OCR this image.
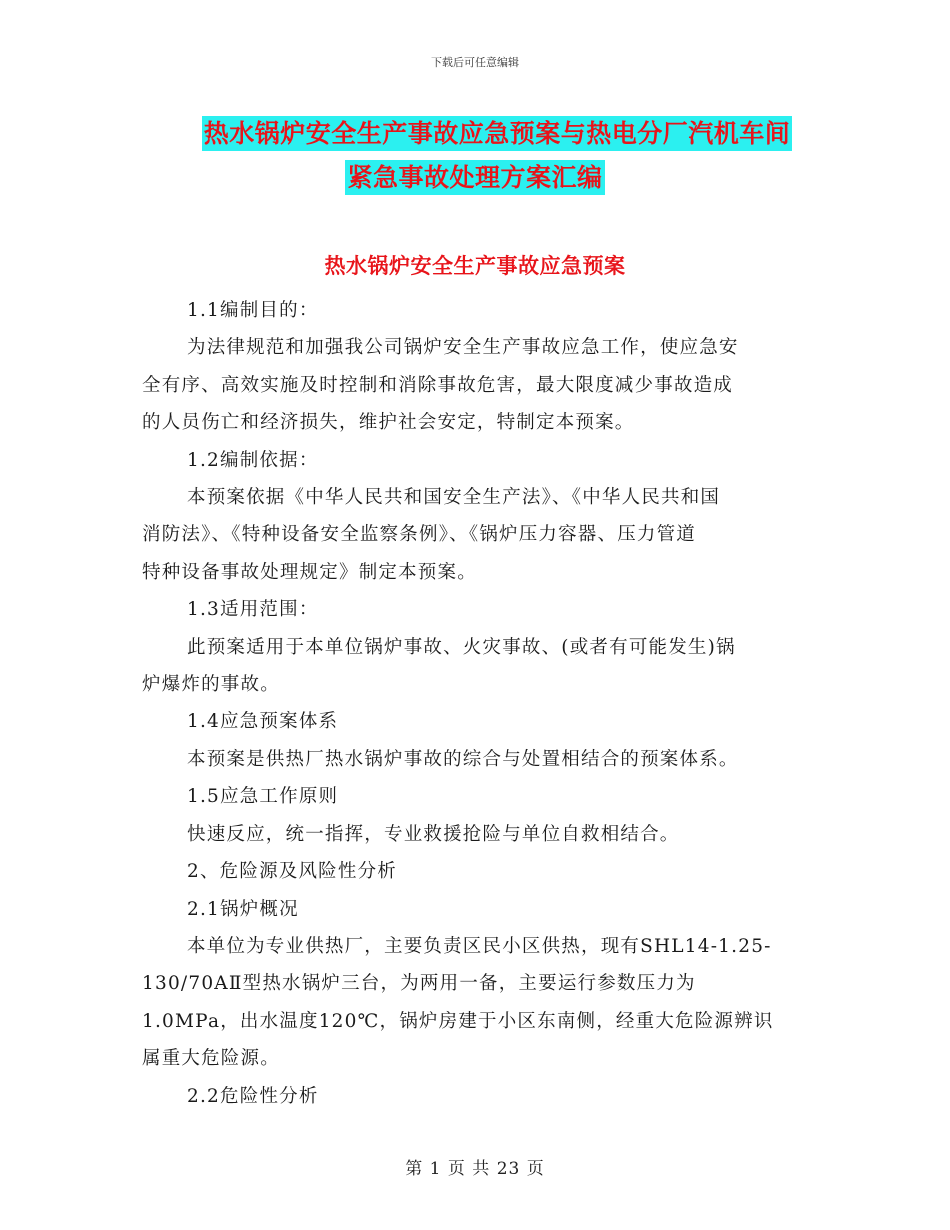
下载后可任意编辑
热水锅炉安全生产事故应急预案与热电分厂汽机车间
紧急事故处理方案汇编
热水锅炉安全生产事故应急预案
1.1编制目的：
为法律规范和加强我公司锅炉安全生产事故应急工作，使应急安
全有序、高效实施及时控制和消除事故危害，最大限度减少事故造成
的人员伤亡和经济损失，维护社会安定，特制定本预案。
1.2编制依据：
本预案依据《中华人民共和国安全生产法》、《中华人民共和国
消防法》、《特种设备安全监察条例》、《锅炉压力容器、压力管道
特种设备事故处理规定》制定本预案。
1.3适用范围：
此预案适用于本单位锅炉事故、火灾事故、(或者有可能发生)锅
炉爆炸的事故。
1.4应急预案体系
本预案是供热厂热水锅炉事故的综合与处置相结合的预案体系。
1.5应急工作原则
快速反应，统一指挥，专业救援抢险与单位自救相结合。
2、危险源及风险性分析
2.1锅炉概况
本单位为专业供热厂，主要负责区民小区供热，现有SHL14-1.25-
130/70AⅡ型热水锅炉三台，为两用一备，主要运行参数压力为
1.0MPa，出水温度120℃，锅炉房建于小区东南侧，经重大危险源辨识
属重大危险源。
2.2危险性分析
第 1 页 共 23 页
